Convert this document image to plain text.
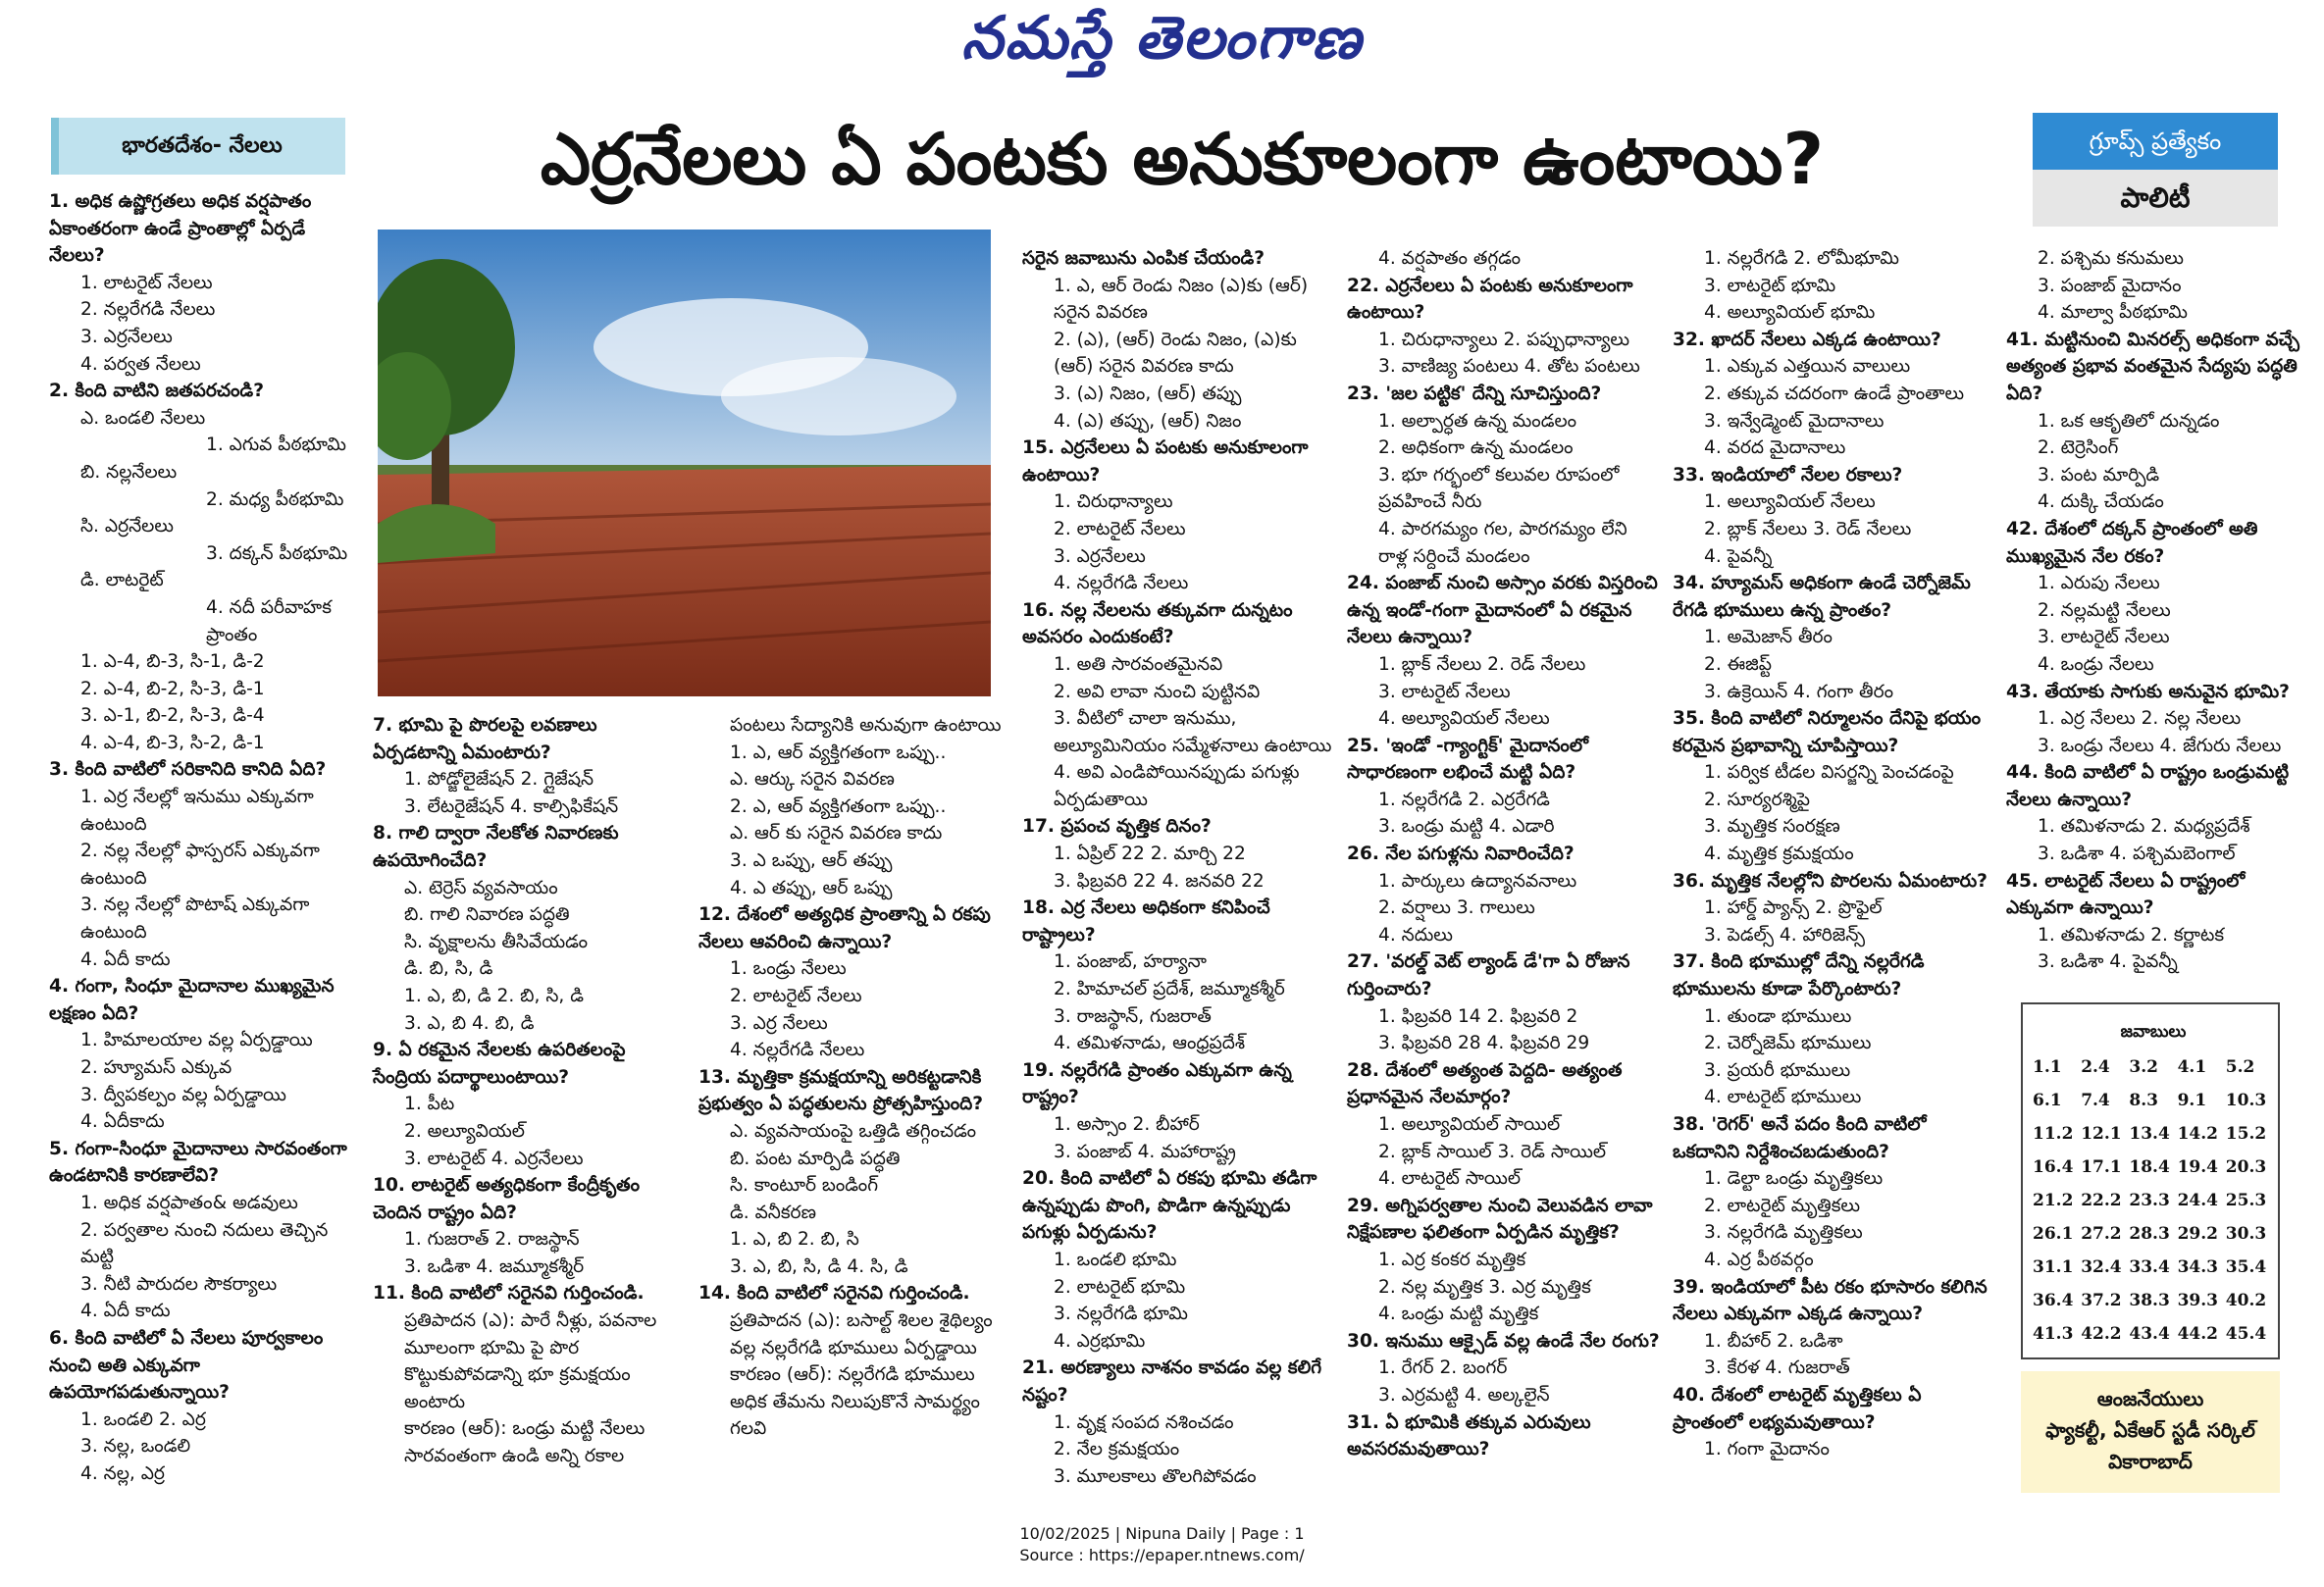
నమస్తే తెలంగాణ
భారతదేశం- నేలలు	ఎర్రనేలలు ఏ పంటకు అనుకూలంగా ఉంటాయి?	గ్రూప్స్ ప్రత్యేకం
పాలిటీ

1. అధిక ఉష్ణోగ్రతలు అధిక వర్షపాతం ఏకాంతరంగా ఉండే ప్రాంతాల్లో ఏర్పడే నేలలు?

1. లాటరైట్ నేలలు

2. నల్లరేగడి నేలలు

3. ఎర్రనేలలు

4. పర్వత నేలలు

2. కింది వాటిని జతపరచండి?

ఎ. ఒండలి నేలలు

1. ఎగువ పీఠభూమి

బి. నల్లనేలలు

2. మధ్య పీఠభూమి

సి. ఎర్రనేలలు

3. దక్కన్ పీఠభూమి

డి. లాటరైట్

4. నదీ పరీవాహక ప్రాంతం

1. ఎ-4, బి-3, సి-1, డి-2

2. ఎ-4, బి-2, సి-3, డి-1

3. ఎ-1, బి-2, సి-3, డి-4

4. ఎ-4, బి-3, సి-2, డి-1

3. కింది వాటిలో సరికానిది కానిది ఏది?

1. ఎర్ర నేలల్లో ఇనుము ఎక్కువగా ఉంటుంది

2. నల్ల నేలల్లో ఫాస్పరస్ ఎక్కువగా ఉంటుంది

3. నల్ల నేలల్లో పొటాష్ ఎక్కువగా ఉంటుంది

4. ఏదీ కాదు

4. గంగా, సింధూ మైదానాల ముఖ్యమైన లక్షణం ఏది?

1. హిమాలయాల వల్ల ఏర్పడ్డాయి

2. హ్యూమస్ ఎక్కువ

3. ద్వీపకల్పం వల్ల ఏర్పడ్డాయి

4. ఏదీకాదు

5. గంగా-సింధూ మైదానాలు సారవంతంగా ఉండటానికి కారణాలేవి?

1. అధిక వర్షపాతం& అడవులు

2. పర్వతాల నుంచి నదులు తెచ్చిన మట్టి

3. నీటి పారుదల సౌకర్యాలు

4. ఏదీ కాదు

6. కింది వాటిలో ఏ నేలలు పూర్వకాలం నుంచి అతి ఎక్కువగా ఉపయోగపడుతున్నాయి?

1. ఒండలి 2. ఎర్ర

3. నల్ల, ఒండలి

4. నల్ల, ఎర్ర

7. భూమి పై పొరలపై లవణాలు ఏర్పడటాన్ని ఏమంటారు?

1. పోడ్జోలైజేషన్ 2. గ్లైజేషన్

3. లేటరైజేషన్ 4. కాల్సిఫికేషన్

8. గాలి ద్వారా నేలకోత నివారణకు ఉపయోగించేది?

ఎ. టెర్రెస్ వ్యవసాయం

బి. గాలి నివారణ పద్ధతి

సి. వృక్షాలను తీసివేయడం

డి. బి, సి, డి

1. ఎ, బి, డి 2. బి, సి, డి

3. ఎ, బి 4. బి, డి

9. ఏ రకమైన నేలలకు ఉపరితలంపై సేంద్రియ పదార్థాలుంటాయి?

1. పీట

2. అల్యూవియల్

3. లాటరైట్ 4. ఎర్రనేలలు

10. లాటరైట్ అత్యధికంగా కేంద్రీకృతం చెందిన రాష్ట్రం ఏది?

1. గుజరాత్ 2. రాజస్థాన్

3. ఒడిశా 4. జమ్మూకశ్మీర్

11. కింది వాటిలో సరైనవి గుర్తించండి.

ప్రతిపాదన (ఎ): పారే నీళ్లు, పవనాల మూలంగా భూమి పై పొర కొట్టుకుపోవడాన్ని భూ క్రమక్షయం అంటారు

కారణం (ఆర్): ఒండ్రు మట్టి నేలలు సారవంతంగా ఉండి అన్ని రకాల

పంటలు సేద్యానికి అనువుగా ఉంటాయి

1. ఎ, ఆర్ వ్యక్తిగతంగా ఒప్పు..

ఎ. ఆర్కు సరైన వివరణ

2. ఎ, ఆర్ వ్యక్తిగతంగా ఒప్పు..

ఎ. ఆర్ కు సరైన వివరణ కాదు

3. ఎ ఒప్పు, ఆర్ తప్పు

4. ఎ తప్పు, ఆర్ ఒప్పు

12. దేశంలో అత్యధిక ప్రాంతాన్ని ఏ రకపు నేలలు ఆవరించి ఉన్నాయి?

1. ఒండ్రు నేలలు

2. లాటరైట్ నేలలు

3. ఎర్ర నేలలు

4. నల్లరేగడి నేలలు

13. మృత్తికా క్రమక్షయాన్ని అరికట్టడానికి ప్రభుత్వం ఏ పద్ధతులను ప్రోత్సహిస్తుంది?

ఎ. వ్యవసాయంపై ఒత్తిడి తగ్గించడం

బి. పంట మార్పిడి పద్ధతి

సి. కాంటూర్ బండింగ్

డి. వనీకరణ

1. ఎ, బి 2. బి, సి

3. ఎ, బి, సి, డి 4. సి, డి

14. కింది వాటిలో సరైనవి గుర్తించండి.

ప్రతిపాదన (ఎ): బసాల్ట్ శిలల శైథిల్యం వల్ల నల్లరేగడి భూములు ఏర్పడ్డాయి

కారణం (ఆర్): నల్లరేగడి భూములు అధిక తేమను నిలుపుకొనే సామర్థ్యం గలవి

సరైన జవాబును ఎంపిక చేయండి?

1. ఎ, ఆర్ రెండు నిజం (ఎ)కు (ఆర్) సరైన వివరణ

2. (ఎ), (ఆర్) రెండు నిజం, (ఎ)కు (ఆర్) సరైన వివరణ కాదు

3. (ఎ) నిజం, (ఆర్) తప్పు

4. (ఎ) తప్పు, (ఆర్) నిజం

15. ఎర్రనేలలు ఏ పంటకు అనుకూలంగా ఉంటాయి?

1. చిరుధాన్యాలు

2. లాటరైట్ నేలలు

3. ఎర్రనేలలు

4. నల్లరేగడి నేలలు

16. నల్ల నేలలను తక్కువగా దున్నటం అవసరం ఎందుకంటే?

1. అతి సారవంతమైనవి

2. అవి లావా నుంచి పుట్టినవి

3. వీటిలో చాలా ఇనుము, అల్యూమినియం సమ్మేళనాలు ఉంటాయి

4. అవి ఎండిపోయినప్పుడు పగుళ్లు ఏర్పడుతాయి

17. ప్రపంచ వృత్తిక దినం?

1. ఏప్రిల్ 22 2. మార్చి 22

3. ఫిబ్రవరి 22 4. జనవరి 22

18. ఎర్ర నేలలు అధికంగా కనిపించే రాష్ట్రాలు?

1. పంజాబ్, హర్యానా

2. హిమాచల్ ప్రదేశ్, జమ్మూకశ్మీర్

3. రాజస్థాన్, గుజరాత్

4. తమిళనాడు, ఆంధ్రప్రదేశ్

19. నల్లరేగడి ప్రాంతం ఎక్కువగా ఉన్న రాష్ట్రం?

1. అస్సాం 2. బీహార్

3. పంజాబ్ 4. మహారాష్ట్ర

20. కింది వాటిలో ఏ రకపు భూమి తడిగా ఉన్నప్పుడు పొంగి, పొడిగా ఉన్నప్పుడు పగుళ్లు ఏర్పడును?

1. ఒండలి భూమి

2. లాటరైట్ భూమి

3. నల్లరేగడి భూమి

4. ఎర్రభూమి

21. అరణ్యాలు నాశనం కావడం వల్ల కలిగే నష్టం?

1. వృక్ష సంపద నశించడం

2. నేల క్రమక్షయం

3. మూలకాలు తొలగిపోవడం

4. వర్షపాతం తగ్గడం

22. ఎర్రనేలలు ఏ పంటకు అనుకూలంగా ఉంటాయి?

1. చిరుధాన్యాలు 2. పప్పుధాన్యాలు

3. వాణిజ్య పంటలు 4. తోట పంటలు

23. 'జల పట్టిక' దేన్ని సూచిస్తుంది?

1. అల్పార్ధత ఉన్న మండలం

2. అధికంగా ఉన్న మండలం

3. భూ గర్భంలో కలువల రూపంలో ప్రవహించే నీరు

4. పారగమ్యం గల, పారగమ్యం లేని రాళ్ల సర్దించే మండలం

24. పంజాబ్ నుంచి అస్సాం వరకు విస్తరించి ఉన్న ఇండో-గంగా మైదానంలో ఏ రకమైన నేలలు ఉన్నాయి?

1. బ్లాక్ నేలలు 2. రెడ్ నేలలు

3. లాటరైట్ నేలలు

4. అల్యూవియల్ నేలలు

25. 'ఇండో -గ్యాంగ్టిక్' మైదానంలో సాధారణంగా లభించే మట్టి ఏది?

1. నల్లరేగడి 2. ఎర్రరేగడి

3. ఒండ్రు మట్టి 4. ఎడారి

26. నేల పగుళ్లను నివారించేది?

1. పార్కులు ఉద్యానవనాలు

2. వర్షాలు 3. గాలులు

4. నదులు

27. 'వరల్డ్ వెట్ ల్యాండ్ డే'గా ఏ రోజున గుర్తించారు?

1. ఫిబ్రవరి 14 2. ఫిబ్రవరి 2

3. ఫిబ్రవరి 28 4. ఫిబ్రవరి 29

28. దేశంలో అత్యంత పెద్దది- అత్యంత ప్రధానమైన నేలమార్గం?

1. అల్యూవియల్ సాయిల్

2. బ్లాక్ సాయిల్ 3. రెడ్ సాయిల్

4. లాటరైట్ సాయిల్

29. అగ్నిపర్వతాల నుంచి వెలువడిన లావా నిక్షేపణాల ఫలితంగా ఏర్పడిన మృత్తిక?

1. ఎర్ర కంకర మృత్తిక

2. నల్ల మృత్తిక 3. ఎర్ర మృత్తిక

4. ఒండ్రు మట్టి మృత్తిక

30. ఇనుము ఆక్సైడ్ వల్ల ఉండే నేల రంగు?

1. రేగర్ 2. బంగర్

3. ఎర్రమట్టి 4. అల్కలైన్

31. ఏ భూమికి తక్కువ ఎరువులు అవసరమవుతాయి?

1. నల్లరేగడి 2. లోమీభూమి

3. లాటరైట్ భూమి

4. అల్యూవియల్ భూమి

32. ఖాదర్ నేలలు ఎక్కడ ఉంటాయి?

1. ఎక్కువ ఎత్తయిన వాలులు

2. తక్కువ చదరంగా ఉండే ప్రాంతాలు

3. ఇన్వేడ్మెంట్ మైదానాలు

4. వరద మైదానాలు

33. ఇండియాలో నేలల రకాలు?

1. అల్యూవియల్ నేలలు

2. బ్లాక్ నేలలు 3. రెడ్ నేలలు

4. పైవన్నీ

34. హ్యూమస్ అధికంగా ఉండే చెర్నోజెమ్ రేగడి భూములు ఉన్న ప్రాంతం?

1. అమెజాన్ తీరం

2. ఈజిప్ట్

3. ఉక్రెయిన్ 4. గంగా తీరం

35. కింది వాటిలో నిర్మూలనం దేనిపై భయం కరమైన ప్రభావాన్ని చూపిస్తాయి?

1. పర్విక టీడల విసర్జన్ని పెంచడంపై

2. సూర్యరశ్మిపై

3. మృత్తిక సంరక్షణ

4. మృత్తిక క్రమక్షయం

36. మృత్తిక నేలల్లోని పొరలను ఏమంటారు?

1. హార్డ్ ప్యాన్స్ 2. ప్రొఫైల్

3. పెడల్స్ 4. హారిజెన్స్

37. కింది భూముల్లో దేన్ని నల్లరేగడి భూములను కూడా పేర్కొంటారు?

1. తుండా భూములు

2. చెర్నోజెమ్ భూములు

3. ప్రయరీ భూములు

4. లాటరైట్ భూములు

38. 'రెగర్' అనే పదం కింది వాటిలో ఒకదానిని నిర్దేశించబడుతుంది?

1. డెల్టా ఒండ్రు మృత్తికలు

2. లాటరైట్ మృత్తికలు

3. నల్లరేగడి మృత్తికలు

4. ఎర్ర పీఠవర్గం

39. ఇండియాలో పీట రకం భూసారం కలిగిన నేలలు ఎక్కువగా ఎక్కడ ఉన్నాయి?

1. బీహార్ 2. ఒడిశా

3. కేరళ 4. గుజరాత్

40. దేశంలో లాటరైట్ మృత్తికలు ఏ ప్రాంతంలో లభ్యమవుతాయి?

1. గంగా మైదానం

2. పశ్చిమ కనుమలు

3. పంజాబ్ మైదానం

4. మాల్వా పీఠభూమి

41. మట్టినుంచి మినరల్స్ అధికంగా వచ్చే అత్యంత ప్రభావ వంతమైన సేద్యపు పద్ధతి ఏది?

1. ఒక ఆకృతిలో దున్నడం

2. టెర్రెసింగ్

3. పంట మార్పిడి

4. దుక్కి చేయడం

42. దేశంలో దక్కన్ ప్రాంతంలో అతి ముఖ్యమైన నేల రకం?

1. ఎరుపు నేలలు

2. నల్లమట్టి నేలలు

3. లాటరైట్ నేలలు

4. ఒండ్రు నేలలు

43. తేయాకు సాగుకు అనువైన భూమి?

1. ఎర్ర నేలలు 2. నల్ల నేలలు

3. ఒండ్రు నేలలు 4. జేగురు నేలలు

44. కింది వాటిలో ఏ రాష్ట్రం ఒండ్రుమట్టి నేలలు ఉన్నాయి?

1. తమిళనాడు 2. మధ్యప్రదేశ్

3. ఒడిశా 4. పశ్చిమబెంగాల్

45. లాటరైట్ నేలలు ఏ రాష్ట్రంలో ఎక్కువగా ఉన్నాయి?

1. తమిళనాడు 2. కర్ణాటక

3. ఒడిశా 4. పైవన్నీ

జవాబులు
1.1	2.4	3.2	4.1	5.2
6.1	7.4	8.3	9.1	10.3
11.2 12.1 13.4 14.2 15.2
16.4 17.1 18.4 19.4 20.3
21.2 22.2 23.3 24.4 25.3
26.1 27.2 28.3 29.2 30.3
31.1 32.4 33.4 34.3 35.4
36.4 37.2 38.3 39.3 40.2
41.3 42.2 43.4 44.2 45.4
ఆంజనేయులు
ఫ్యాకల్టీ, ఏకేఆర్ స్టడీ సర్కిల్
వికారాబాద్
10/02/2025 | Nipuna Daily | Page : 1
Source : https://epaper.ntnews.com/
